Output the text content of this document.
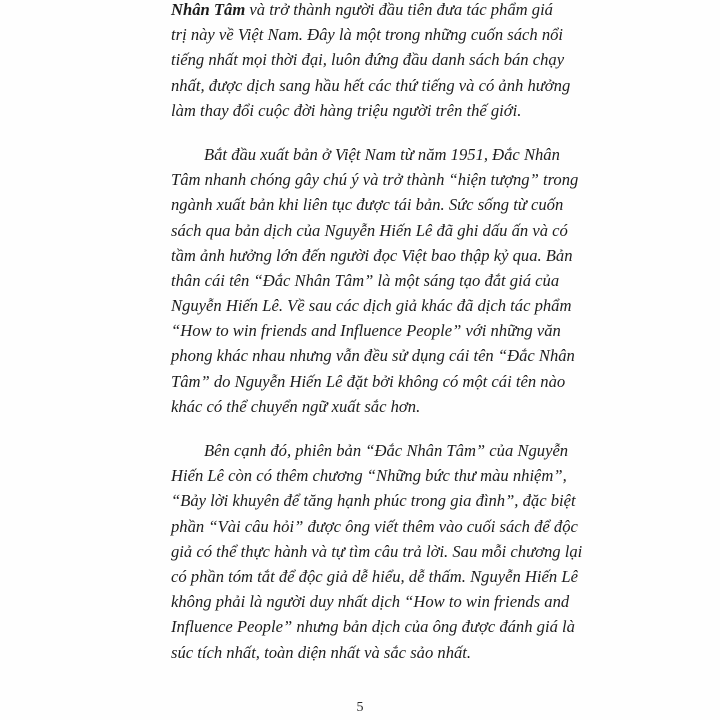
Nhân Tâm và trở thành người đầu tiên đưa tác phẩm giá
trị này về Việt Nam. Đây là một trong những cuốn sách nổi
tiếng nhất mọi thời đại, luôn đứng đầu danh sách bán chạy
nhất, được dịch sang hầu hết các thứ tiếng và có ảnh hưởng
làm thay đổi cuộc đời hàng triệu người trên thế giới.

Bắt đầu xuất bản ở Việt Nam từ năm 1951, Đắc Nhân
Tâm nhanh chóng gây chú ý và trở thành “hiện tượng” trong
ngành xuất bản khi liên tục được tái bản. Sức sống từ cuốn
sách qua bản dịch của Nguyễn Hiến Lê đã ghi dấu ấn và có
tầm ảnh hưởng lớn đến người đọc Việt bao thập kỷ qua. Bản
thân cái tên “Đắc Nhân Tâm” là một sáng tạo đắt giá của
Nguyễn Hiến Lê. Về sau các dịch giả khác đã dịch tác phẩm
“How to win friends and Influence People” với những văn
phong khác nhau nhưng vẫn đều sử dụng cái tên “Đắc Nhân
Tâm” do Nguyễn Hiến Lê đặt bởi không có một cái tên nào
khác có thể chuyển ngữ xuất sắc hơn.

Bên cạnh đó, phiên bản “Đắc Nhân Tâm” của Nguyễn
Hiến Lê còn có thêm chương “Những bức thư màu nhiệm”,
“Bảy lời khuyên để tăng hạnh phúc trong gia đình”, đặc biệt
phần “Vài câu hỏi” được ông viết thêm vào cuối sách để độc
giả có thể thực hành và tự tìm câu trả lời. Sau mỗi chương lại
có phần tóm tắt để độc giả dễ hiểu, dễ thấm. Nguyễn Hiến Lê
không phải là người duy nhất dịch “How to win friends and
Influence People” nhưng bản dịch của ông được đánh giá là
súc tích nhất, toàn diện nhất và sắc sảo nhất.

5
